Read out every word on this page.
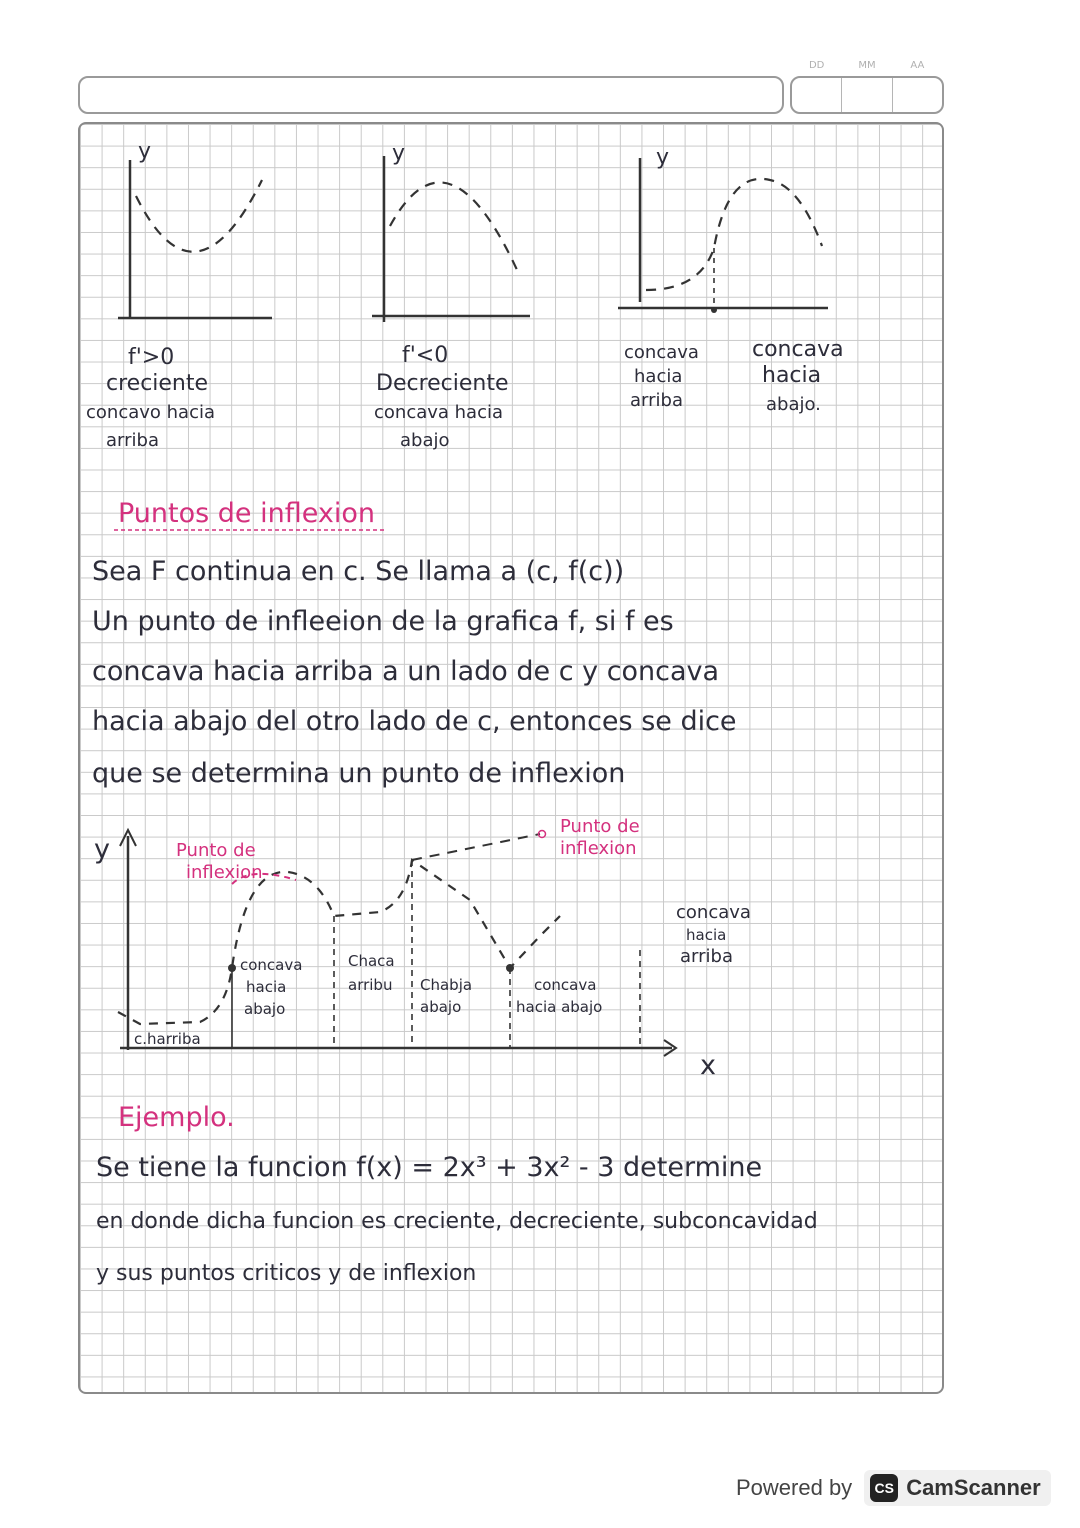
DD	MM	AA
y
f'>0
creciente
concavo hacia
arriba
y
f'<0
Decreciente
concava hacia
abajo
y
concava
hacia
arriba
concava
hacia
abajo.
Puntos de inflexion
Sea F continua en c. Se llama a (c, f(c))
Un punto de infleeion de la grafica f, si f es
concava hacia arriba a un lado de c y concava
hacia abajo del otro lado de c, entonces se dice
que se determina un punto de inflexion
y
x
Punto de
inflexion
Punto de
inflexion
c.harriba
concava
hacia
abajo
Chaca
arribu Chabja
abajo
concava
hacia abajo
concava
hacia
arriba
Ejemplo.
Se tiene la funcion f(x) = 2x³ + 3x² - 3 determine
en donde dicha funcion es creciente, decreciente, subconcavidad
y sus puntos criticos y de inflexion
Powered by	CS CamScanner
